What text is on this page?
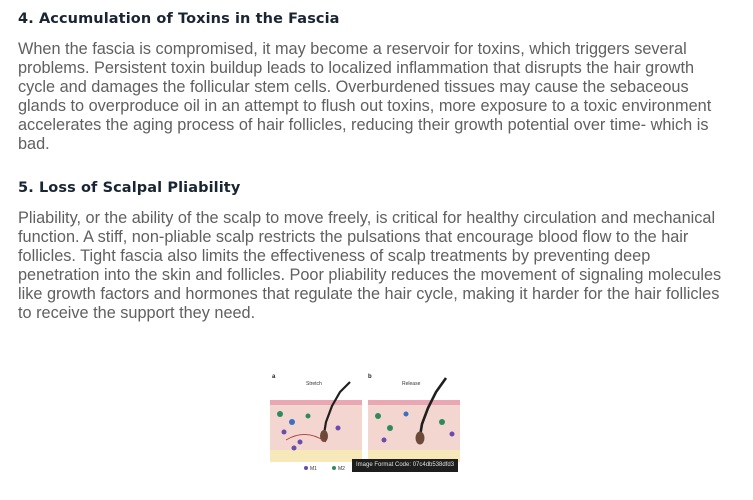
4. Accumulation of Toxins in the Fascia

When the fascia is compromised, it may become a reservoir for toxins, which triggers several problems. Persistent toxin buildup leads to localized inflammation that disrupts the hair growth cycle and damages the follicular stem cells. Overburdened tissues may cause the sebaceous glands to overproduce oil in an attempt to flush out toxins, more exposure to a toxic environment accelerates the aging process of hair follicles, reducing their growth potential over time- which is bad.

5. Loss of Scalpal Pliability

Pliability, or the ability of the scalp to move freely, is critical for healthy circulation and mechanical function. A stiff, non-pliable scalp restricts the pulsations that encourage blood flow to the hair follicles. Tight fascia also limits the effectiveness of scalp treatments by preventing deep penetration into the skin and follicles. Poor pliability reduces the movement of signaling molecules like growth factors and hormones that regulate the hair cycle, making it harder for the hair follicles to receive the support they need.

a
Stretch
b
Release
M1	M2
Image Format Code: 07c4db538dfd3
